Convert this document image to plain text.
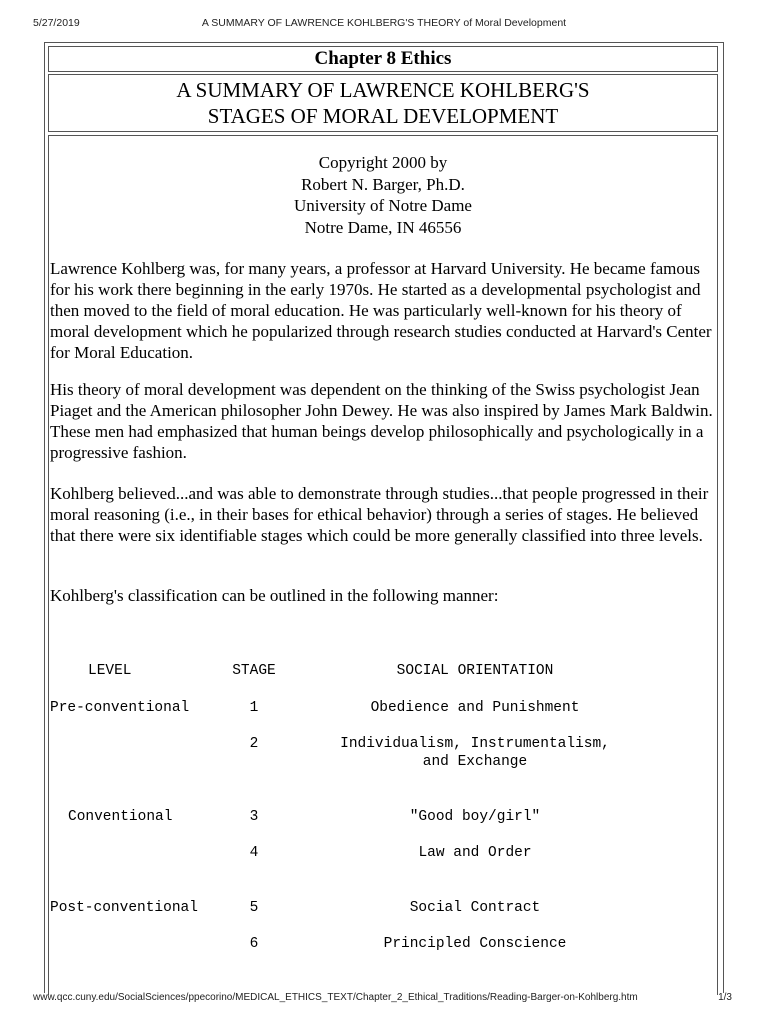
5/27/2019	A SUMMARY OF LAWRENCE KOHLBERG'S THEORY of Moral Development
Chapter 8 Ethics
A SUMMARY OF LAWRENCE KOHLBERG'S
STAGES OF MORAL DEVELOPMENT
Copyright 2000 by
Robert N. Barger, Ph.D.
University of Notre Dame
Notre Dame, IN 46556

Lawrence Kohlberg was, for many years, a professor at Harvard University. He became famous for his work there beginning in the early 1970s. He started as a developmental psychologist and then moved to the field of moral education. He was particularly well-known for his theory of moral development which he popularized through research studies conducted at Harvard's Center for Moral Education.

His theory of moral development was dependent on the thinking of the Swiss psychologist Jean Piaget and the American philosopher John Dewey. He was also inspired by James Mark Baldwin. These men had emphasized that human beings develop philosophically and psychologically in a progressive fashion.

Kohlberg believed...and was able to demonstrate through studies...that people progressed in their moral reasoning (i.e., in their bases for ethical behavior) through a series of stages. He believed that there were six identifiable stages which could be more generally classified into three levels.

Kohlberg's classification can be outlined in the following manner:

LEVEL	STAGE	SOCIAL ORIENTATION
Pre-conventional	1	Obedience and Punishment
2	Individualism, Instrumentalism,
and Exchange
Conventional	3	"Good boy/girl"
4	Law and Order
Post-conventional	5	Social Contract
6	Principled Conscience
www.qcc.cuny.edu/SocialSciences/ppecorino/MEDICAL_ETHICS_TEXT/Chapter_2_Ethical_Traditions/Reading-Barger-on-Kohlberg.htm	1/3
